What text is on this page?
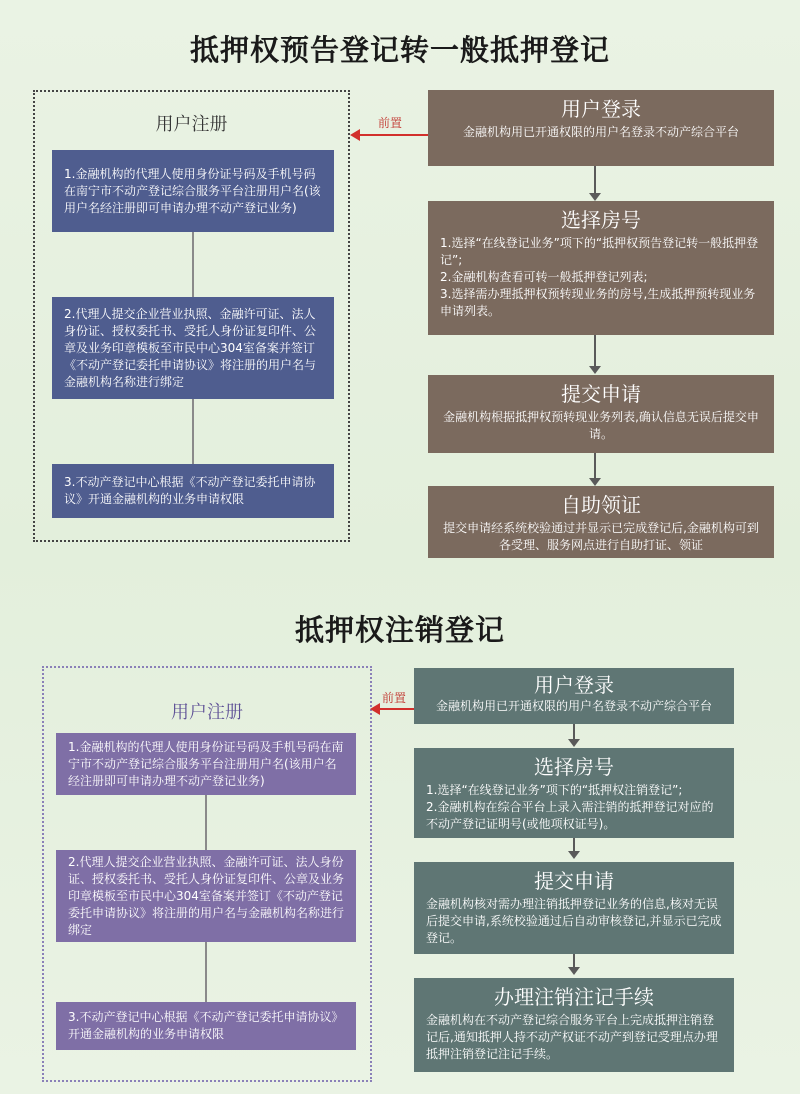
抵押权预告登记转一般抵押登记
用户注册
1.金融机构的代理人使用身份证号码及手机号码在南宁市不动产登记综合服务平台注册用户名(该用户名经注册即可申请办理不动产登记业务)
2.代理人提交企业营业执照、金融许可证、法人身份证、授权委托书、受托人身份证复印件、公章及业务印章模板至市民中心304室备案并签订《不动产登记委托申请协议》将注册的用户名与金融机构名称进行绑定
3.不动产登记中心根据《不动产登记委托申请协议》开通金融机构的业务申请权限
前置
用户登录
金融机构用已开通权限的用户名登录不动产综合平台
选择房号
1.选择“在线登记业务”项下的“抵押权预告登记转一般抵押登记”;
2.金融机构查看可转一般抵押登记列表;
3.选择需办理抵押权预转现业务的房号,生成抵押预转现业务申请列表。
提交申请
金融机构根据抵押权预转现业务列表,确认信息无误后提交申请。
自助领证
提交申请经系统校验通过并显示已完成登记后,金融机构可到各受理、服务网点进行自助打证、领证
抵押权注销登记
用户注册
1.金融机构的代理人使用身份证号码及手机号码在南宁市不动产登记综合服务平台注册用户名(该用户名经注册即可申请办理不动产登记业务)
2.代理人提交企业营业执照、金融许可证、法人身份证、授权委托书、受托人身份证复印件、公章及业务印章模板至市民中心304室备案并签订《不动产登记委托申请协议》将注册的用户名与金融机构名称进行绑定
3.不动产登记中心根据《不动产登记委托申请协议》开通金融机构的业务申请权限
前置
用户登录
金融机构用已开通权限的用户名登录不动产综合平台
选择房号
1.选择“在线登记业务”项下的“抵押权注销登记”;
2.金融机构在综合平台上录入需注销的抵押登记对应的不动产登记证明号(或他项权证号)。
提交申请
金融机构核对需办理注销抵押登记业务的信息,核对无误后提交申请,系统校验通过后自动审核登记,并显示已完成登记。
办理注销注记手续
金融机构在不动产登记综合服务平台上完成抵押注销登记后,通知抵押人持不动产权证不动产到登记受理点办理抵押注销登记注记手续。
